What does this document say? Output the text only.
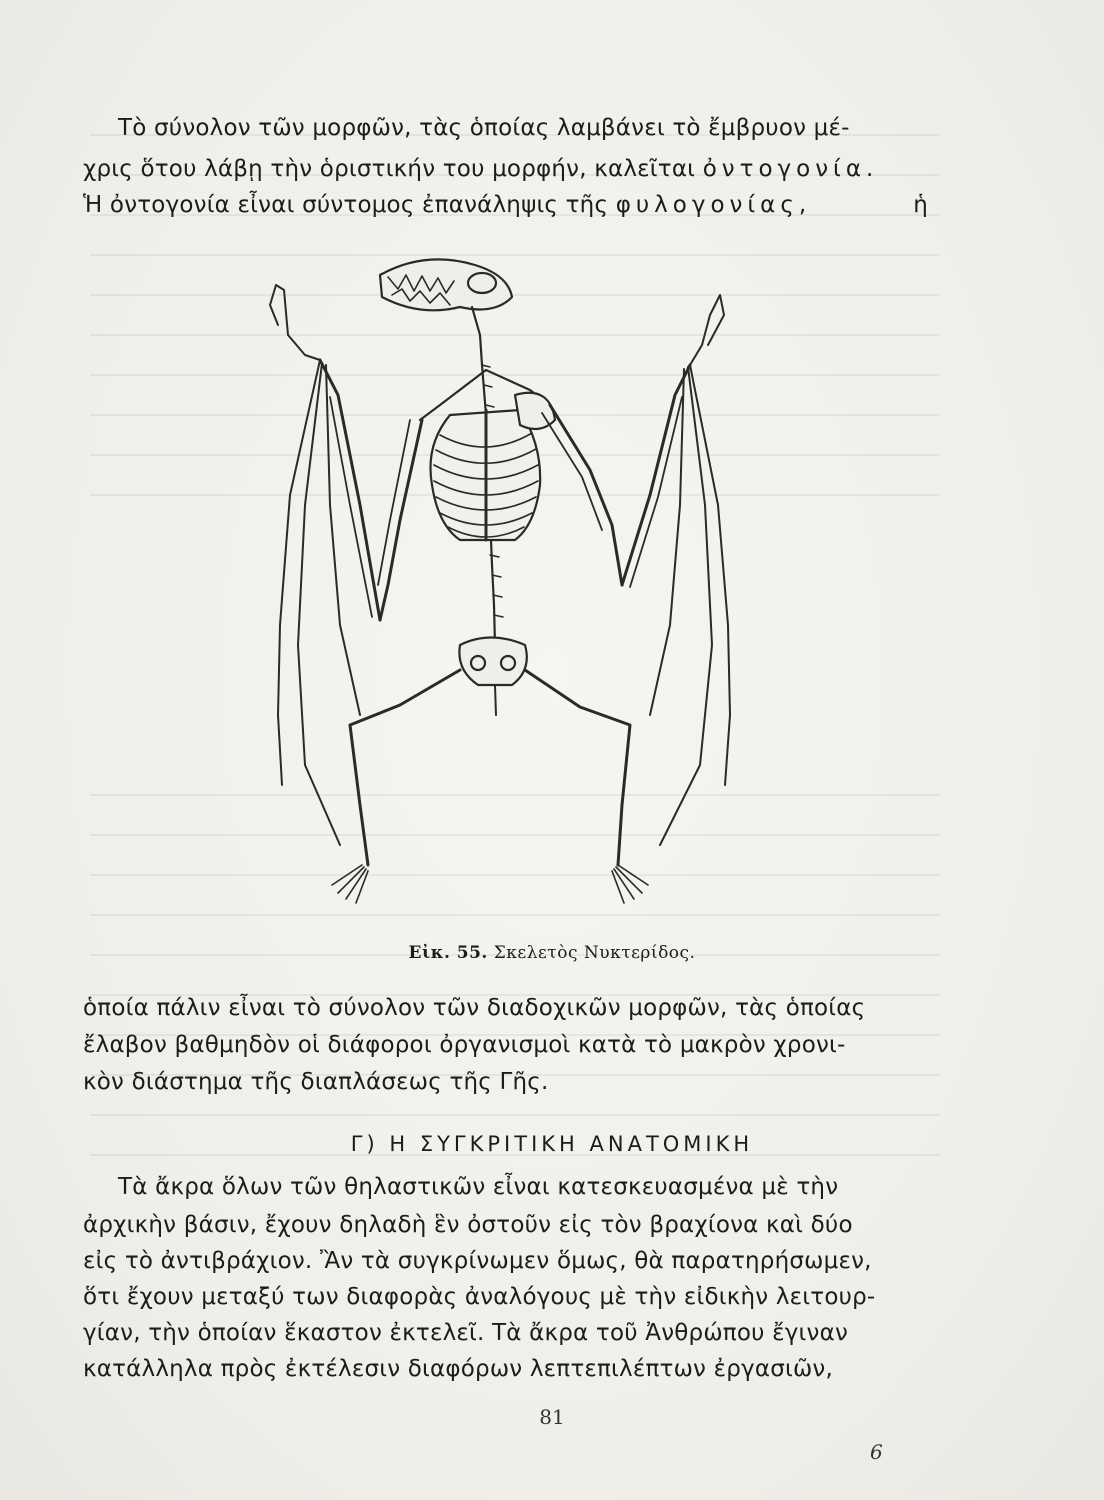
Τὸ σύνολον τῶν μορφῶν, τὰς ὁποίας λαμβάνει τὸ ἔμβρυον μέ-
χρις ὅτου λάβῃ τὴν ὁριστικήν του μορφήν, καλεῖται ὀντογονία.
Ἡ ὀντογονία εἶναι σύντομος ἐπανάληψις τῆς φυλογονίας,	ἡ
Εἰκ. 55. Σκελετὸς Νυκτερίδος.
ὁποία πάλιν εἶναι τὸ σύνολον τῶν διαδοχικῶν μορφῶν, τὰς ὁποίας
ἔλαβον βαθμηδὸν οἱ διάφοροι ὀργανισμοὶ κατὰ τὸ μακρὸν χρονι-
κὸν διάστημα τῆς διαπλάσεως τῆς Γῆς.
Γ) Η ΣΥΓΚΡΙΤΙΚΗ ΑΝΑΤΟΜΙΚΗ
Τὰ ἄκρα ὅλων τῶν θηλαστικῶν εἶναι κατεσκευασμένα μὲ τὴν
ἀρχικὴν βάσιν, ἔχουν δηλαδὴ ἓν ὀστοῦν εἰς τὸν βραχίονα καὶ δύο
εἰς τὸ ἀντιβράχιον. Ἂν τὰ συγκρίνωμεν ὅμως, θὰ παρατηρήσωμεν,
ὅτι ἔχουν μεταξύ των διαφορὰς ἀναλόγους μὲ τὴν εἰδικὴν λειτουρ-
γίαν, τὴν ὁποίαν ἕκαστον ἐκτελεῖ. Τὰ ἄκρα τοῦ Ἀνθρώπου ἔγιναν
κατάλληλα πρὸς ἐκτέλεσιν διαφόρων λεπτεπιλέπτων ἐργασιῶν,
81
6
